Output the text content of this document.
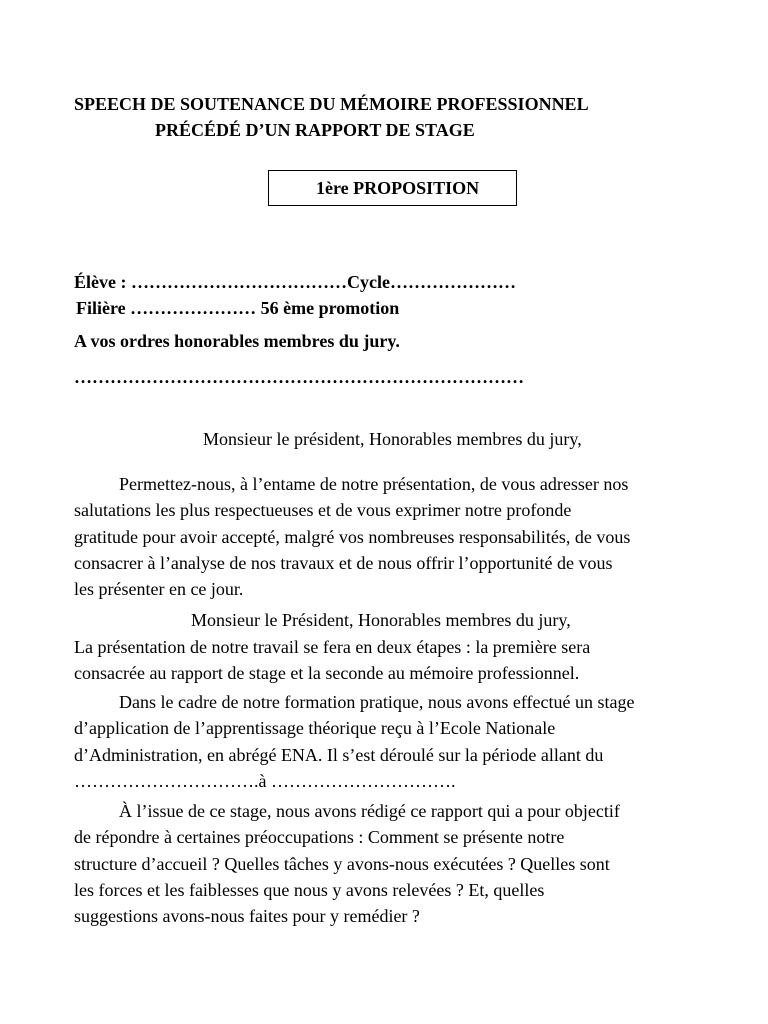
SPEECH DE SOUTENANCE DU MÉMOIRE PROFESSIONNEL
PRÉCÉDÉ D’UN RAPPORT DE STAGE
1ère PROPOSITION
Élève : ………………………………Cycle…………………
Filière ………………… 56 ème promotion
A vos ordres honorables membres du jury.
…………………………………………………………………
Monsieur le président, Honorables membres du jury,
Permettez-nous, à l’entame de notre présentation, de vous adresser nos
salutations les plus respectueuses et de vous exprimer notre profonde
gratitude pour avoir accepté, malgré vos nombreuses responsabilités, de vous
consacrer à l’analyse de nos travaux et de nous offrir l’opportunité de vous
les présenter en ce jour.
Monsieur le Président, Honorables membres du jury,
La présentation de notre travail se fera en deux étapes : la première sera
consacrée au rapport de stage et la seconde au mémoire professionnel.
Dans le cadre de notre formation pratique, nous avons effectué un stage
d’application de l’apprentissage théorique reçu à l’Ecole Nationale
d’Administration, en abrégé ENA. Il s’est déroulé sur la période allant du
………………………….à ………………………….
À l’issue de ce stage, nous avons rédigé ce rapport qui a pour objectif
de répondre à certaines préoccupations : Comment se présente notre
structure d’accueil ? Quelles tâches y avons-nous exécutées ? Quelles sont
les forces et les faiblesses que nous y avons relevées ? Et, quelles
suggestions avons-nous faites pour y remédier ?
